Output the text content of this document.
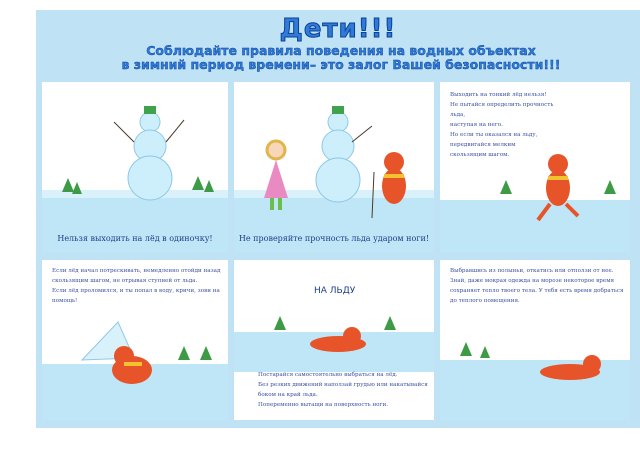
Дети!!!
Соблюдайте правила поведения на водных объектах
в зимний период времени– это залог Вашей безопасности!!!
Нельзя выходить на лёд в одиночку!	Не проверяйте прочность льда ударом ноги!
Выходить на тонкий лёд нельзя!
Не пытайся определить прочность льда,
наступая на него.
Но если ты оказался на льду,
передвигайся мелким
скользящим шагом.
Если лёд начал потрескивать, немедленно отойди назад
скользящим шагом, не отрывая ступней от льда.
Если лёд проломился, и ты попал в воду, кричи, зови на
помощь!
НА ЛЬДУ
Постарайся самостоятельно выбраться на лёд.
Без резких движений наползай грудью или накатывайся
боком на край льда.
Попеременно вытащи на поверхность ноги.
Выбравшись из полыньи, откатись или отползи от нее.
Знай, даже мокрая одежда на морозе некоторое время
сохраняет тепло твоего тела. У тебя есть время добраться
до теплого помещения.
